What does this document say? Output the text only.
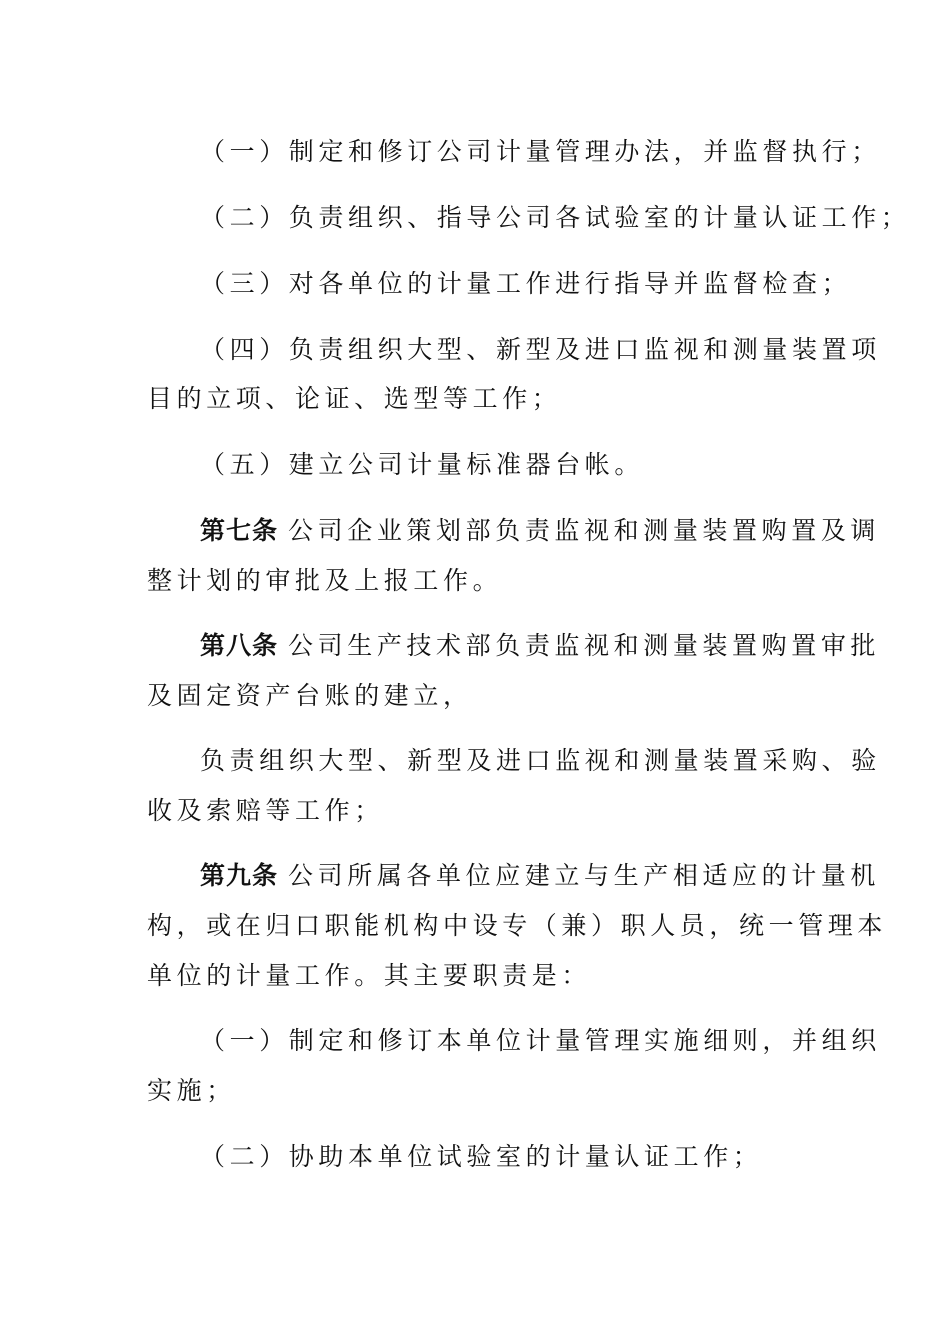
（一）制定和修订公司计量管理办法，并监督执行；
（二）负责组织、指导公司各试验室的计量认证工作；
（三）对各单位的计量工作进行指导并监督检查；
（四）负责组织大型、新型及进口监视和测量装置项
目的立项、论证、选型等工作；
（五）建立公司计量标准器台帐。
第七条 公司企业策划部负责监视和测量装置购置及调
整计划的审批及上报工作。
第八条 公司生产技术部负责监视和测量装置购置审批
及固定资产台账的建立，
负责组织大型、新型及进口监视和测量装置采购、验
收及索赔等工作；
第九条 公司所属各单位应建立与生产相适应的计量机
构，或在归口职能机构中设专（兼）职人员，统一管理本
单位的计量工作。其主要职责是：
（一）制定和修订本单位计量管理实施细则，并组织
实施；
（二）协助本单位试验室的计量认证工作；
